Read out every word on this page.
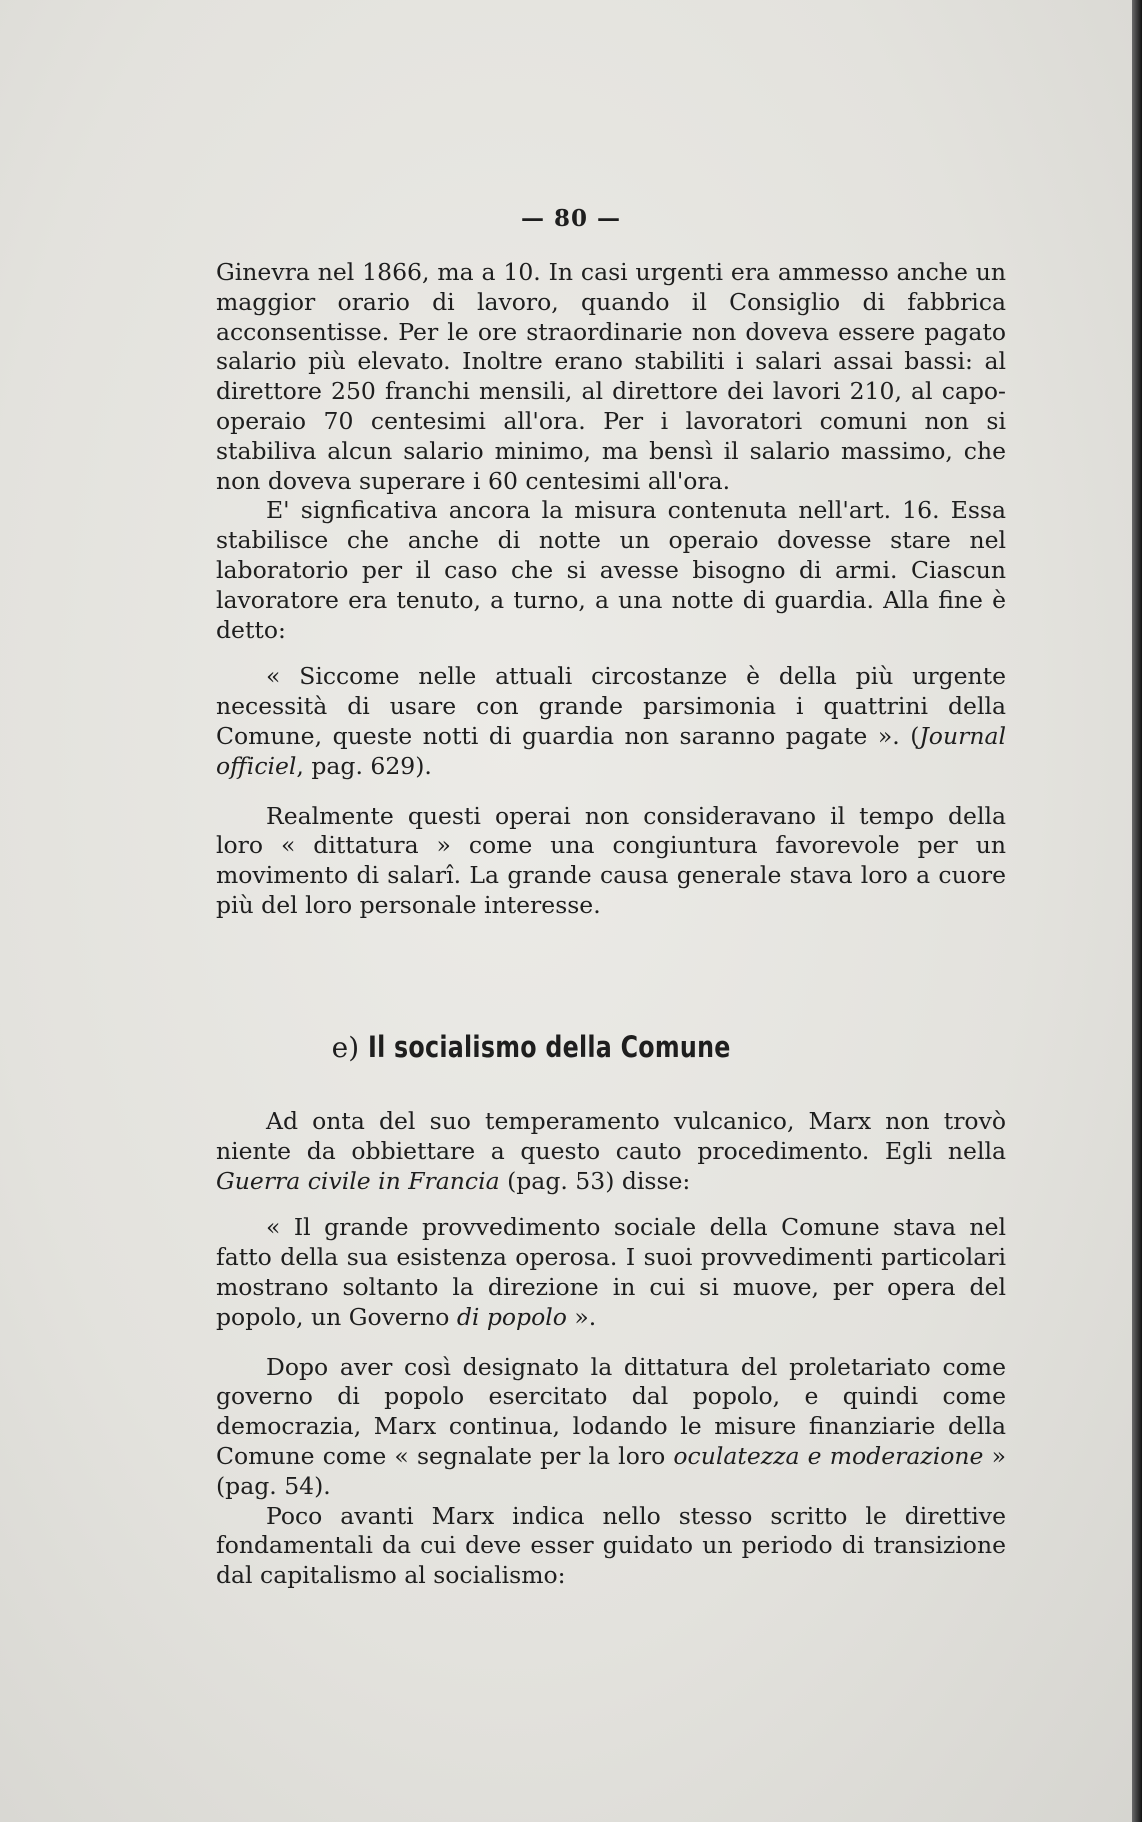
— 80 —

Ginevra nel 1866, ma a 10. In casi urgenti era ammesso anche un maggior orario di lavoro, quando il Consiglio di fabbrica acconsentisse. Per le ore straordinarie non doveva essere pagato salario più elevato. Inoltre erano stabiliti i salari assai bassi: al direttore 250 franchi mensili, al direttore dei lavori 210, al capo-operaio 70 centesimi all'ora. Per i lavoratori comuni non si stabiliva alcun salario minimo, ma bensì il salario massimo, che non doveva superare i 60 centesimi all'ora.

E' signficativa ancora la misura contenuta nell'art. 16. Essa stabilisce che anche di notte un operaio dovesse stare nel laboratorio per il caso che si avesse bisogno di armi. Ciascun lavoratore era tenuto, a turno, a una notte di guardia. Alla fine è detto:

« Siccome nelle attuali circostanze è della più urgente necessità di usare con grande parsimonia i quattrini della Comune, queste notti di guardia non saranno pagate ». (Journal officiel, pag. 629).

Realmente questi operai non consideravano il tempo della loro « dittatura » come una congiuntura favorevole per un movimento di salarî. La grande causa generale stava loro a cuore più del loro personale interesse.

e) Il socialismo della Comune

Ad onta del suo temperamento vulcanico, Marx non trovò niente da obbiettare a questo cauto procedimento. Egli nella Guerra civile in Francia (pag. 53) disse:

« Il grande provvedimento sociale della Comune stava nel fatto della sua esistenza operosa. I suoi provvedimenti particolari mostrano soltanto la direzione in cui si muove, per opera del popolo, un Governo di popolo ».

Dopo aver così designato la dittatura del proletariato come governo di popolo esercitato dal popolo, e quindi come democrazia, Marx continua, lodando le misure finanziarie della Comune come « segnalate per la loro oculatezza e moderazione » (pag. 54).

Poco avanti Marx indica nello stesso scritto le direttive fondamentali da cui deve esser guidato un periodo di transizione dal capitalismo al socialismo:
